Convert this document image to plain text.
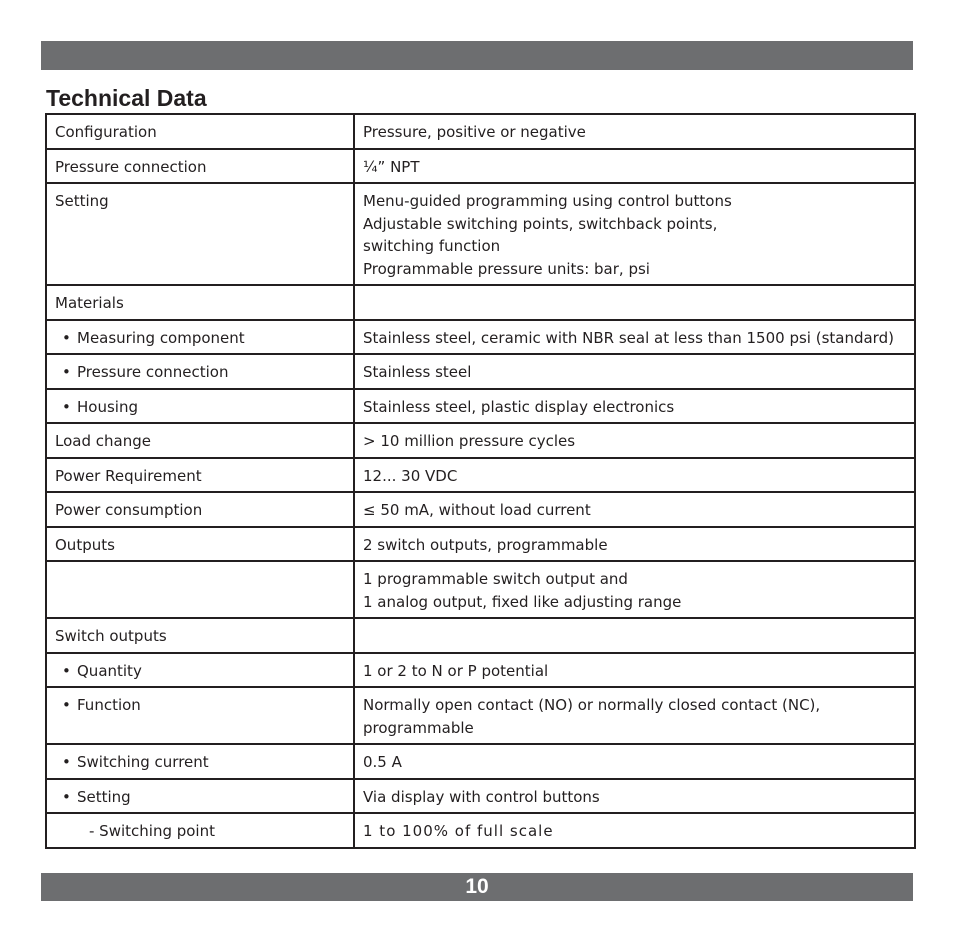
Technical Data
Configuration	Pressure, positive or negative

Pressure connection	¼” NPT

Setting	Menu-guided programming using control buttons
Adjustable switching points, switchback points,
switching function
Programmable pressure units: bar, psi

Materials	
• Measuring component	Stainless steel, ceramic with NBR seal at less than 1500 psi (standard)

• Pressure connection	Stainless steel

• Housing	Stainless steel, plastic display electronics

Load change	> 10 million pressure cycles

Power Requirement	12... 30 VDC

Power consumption	≤ 50 mA, without load current

Outputs	2 switch outputs, programmable

	1 programmable switch output and
1 analog output, fixed like adjusting range

Switch outputs	
• Quantity	1 or 2 to N or P potential

• Function	Normally open contact (NO) or normally closed contact (NC),
programmable

• Switching current	0.5 A

• Setting	Via display with control buttons

- Switching point	1 to 100% of full scale
10
